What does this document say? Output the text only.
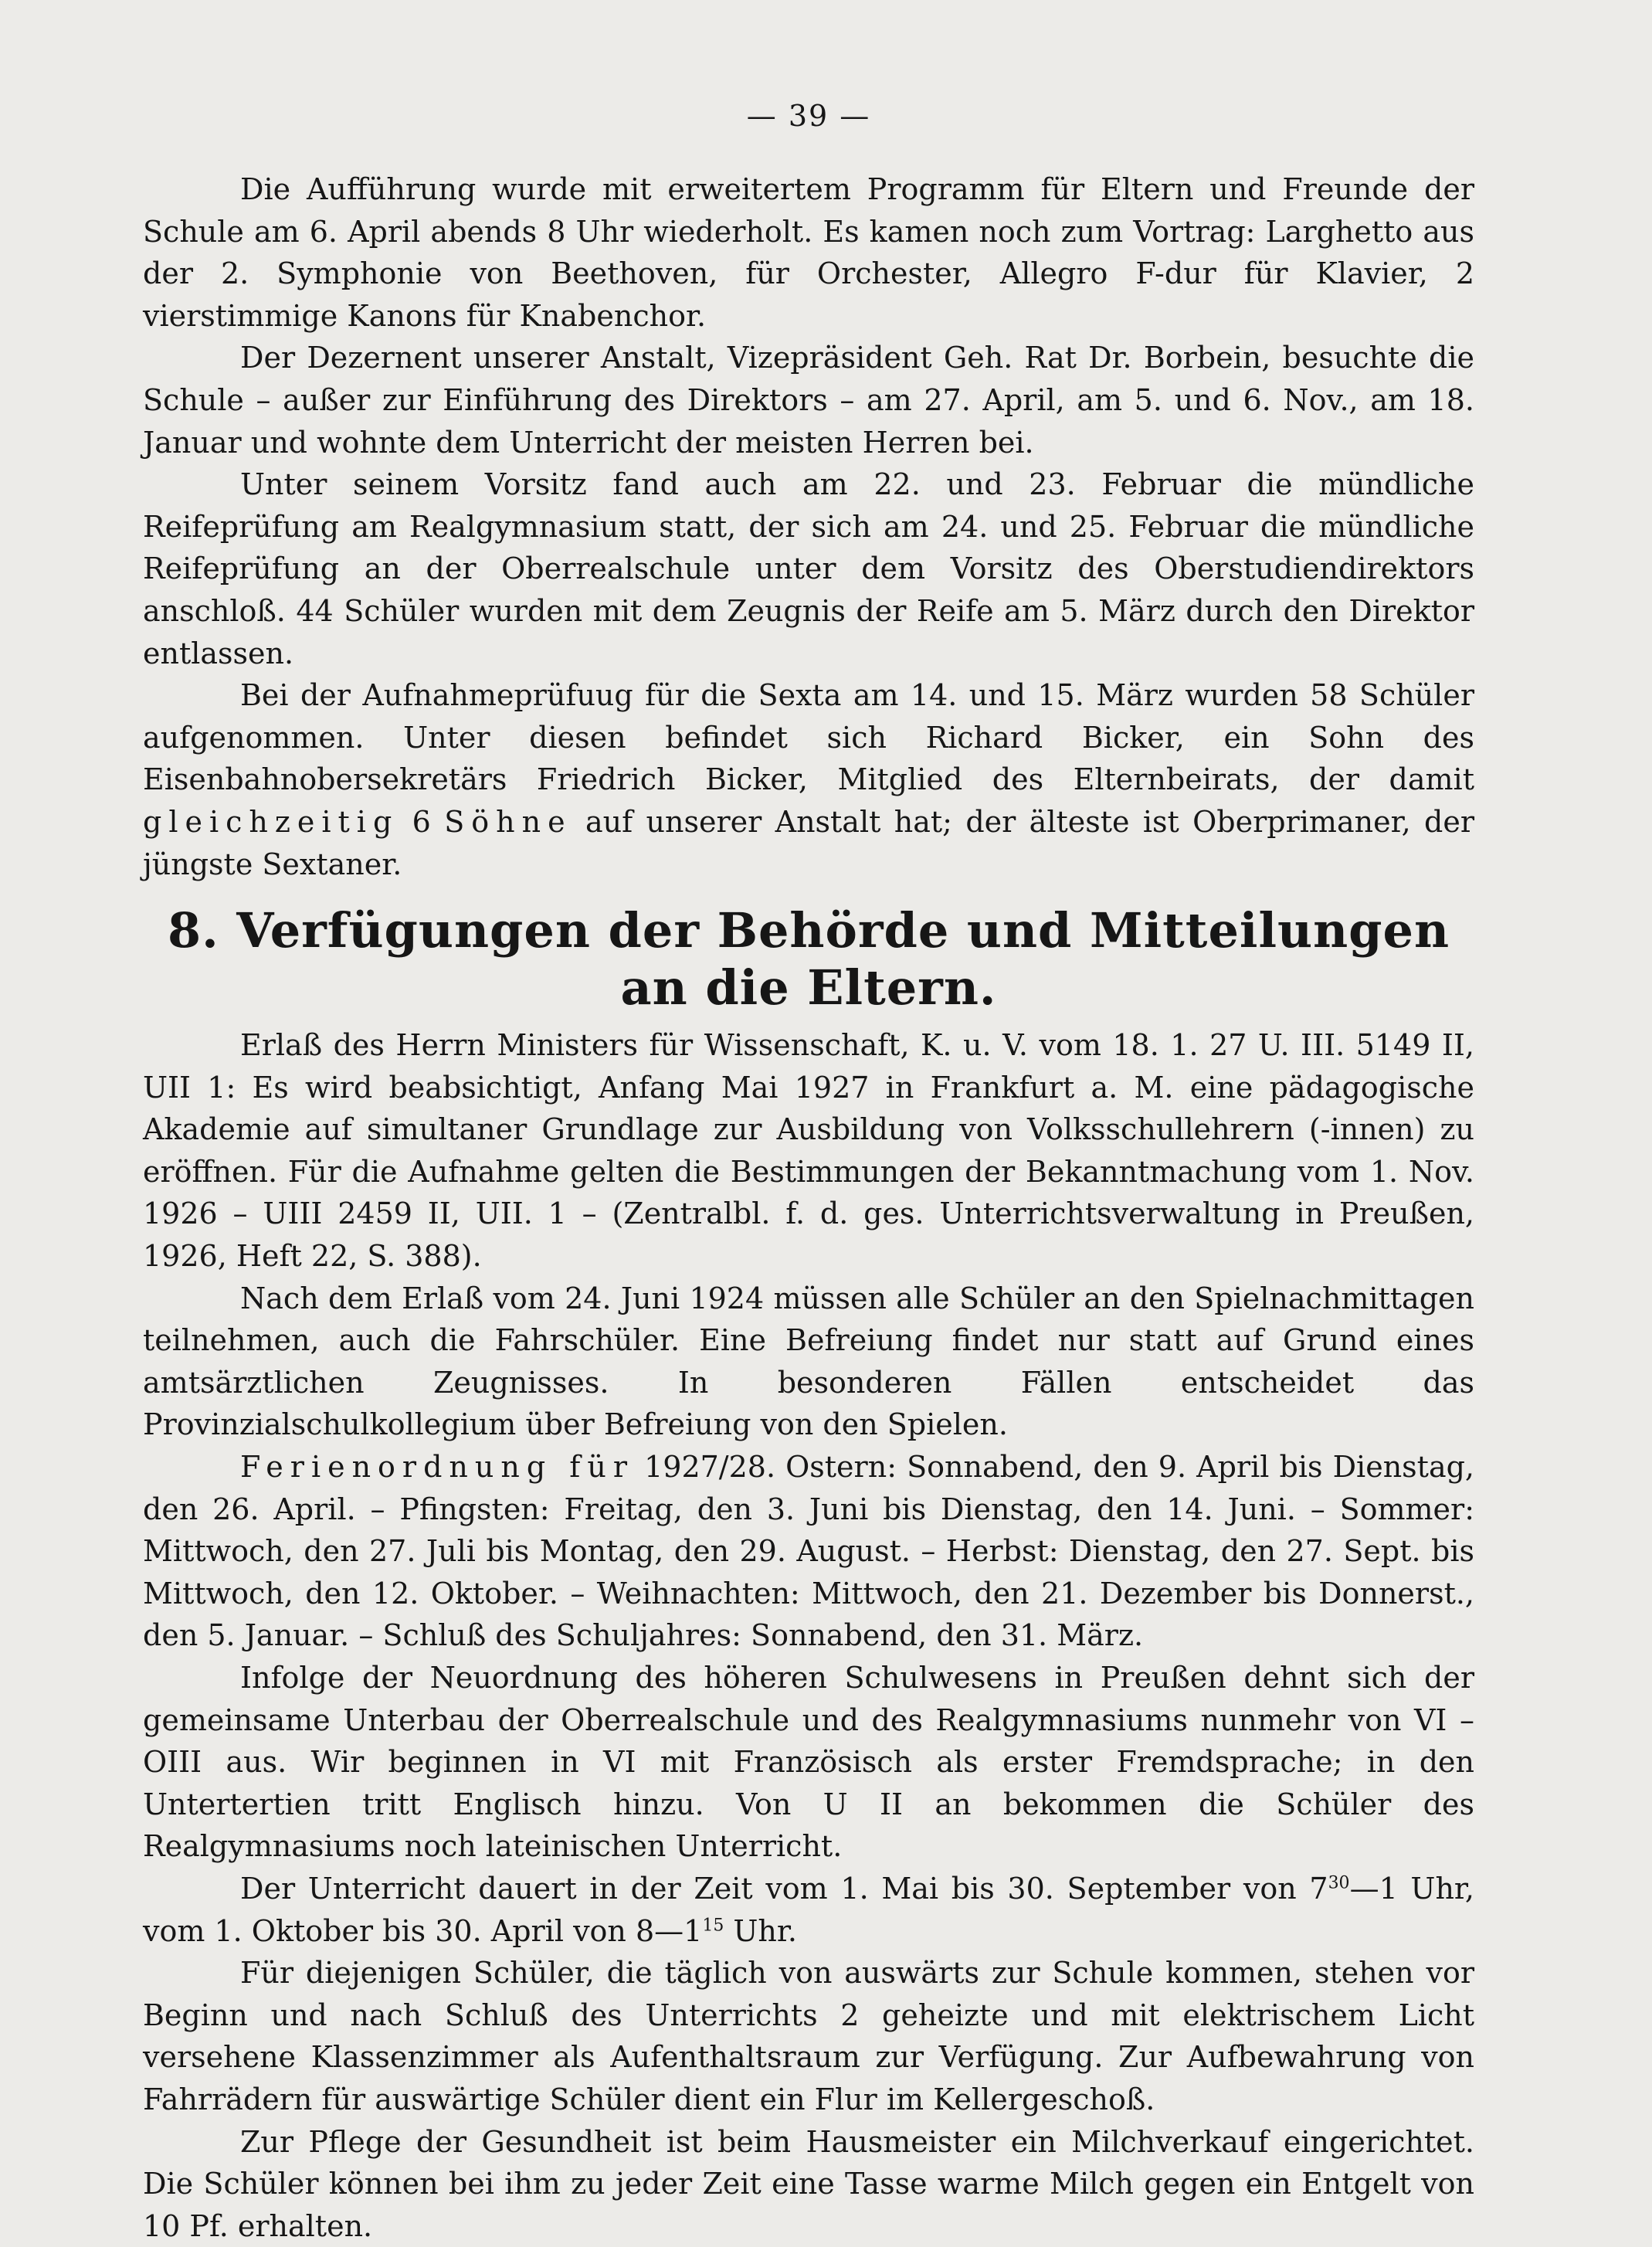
— 39 —

Die Aufführung wurde mit erweitertem Programm für Eltern und Freunde der Schule am 6. April abends 8 Uhr wiederholt. Es kamen noch zum Vortrag: Larghetto aus der 2. Symphonie von Beethoven, für Orchester, Allegro F-dur für Klavier, 2 vierstimmige Kanons für Knabenchor.

Der Dezernent unserer Anstalt, Vizepräsident Geh. Rat Dr. Borbein, besuchte die Schule – außer zur Einführung des Direktors – am 27. April, am 5. und 6. Nov., am 18. Januar und wohnte dem Unterricht der meisten Herren bei.

Unter seinem Vorsitz fand auch am 22. und 23. Februar die mündliche Reifeprüfung am Realgymnasium statt, der sich am 24. und 25. Februar die mündliche Reifeprüfung an der Oberrealschule unter dem Vorsitz des Oberstudiendirektors anschloß. 44 Schüler wurden mit dem Zeugnis der Reife am 5. März durch den Direktor entlassen.

Bei der Aufnahmeprüfuug für die Sexta am 14. und 15. März wurden 58 Schüler aufgenommen. Unter diesen befindet sich Richard Bicker, ein Sohn des Eisenbahnobersekretärs Friedrich Bicker, Mitglied des Elternbeirats, der damit gleichzeitig 6 Söhne auf unserer Anstalt hat; der älteste ist Oberprimaner, der jüngste Sextaner.

8. Verfügungen der Behörde und Mitteilungen
an die Eltern.

Erlaß des Herrn Ministers für Wissenschaft, K. u. V. vom 18. 1. 27 U. III. 5149 II, UII 1: Es wird beabsichtigt, Anfang Mai 1927 in Frankfurt a. M. eine pädagogische Akademie auf simultaner Grundlage zur Ausbildung von Volksschullehrern (-innen) zu eröffnen. Für die Aufnahme gelten die Bestimmungen der Bekanntmachung vom 1. Nov. 1926 – UIII 2459 II, UII. 1 – (Zentralbl. f. d. ges. Unterrichtsverwaltung in Preußen, 1926, Heft 22, S. 388).

Nach dem Erlaß vom 24. Juni 1924 müssen alle Schüler an den Spielnachmittagen teilnehmen, auch die Fahrschüler. Eine Befreiung findet nur statt auf Grund eines amtsärztlichen Zeugnisses. In besonderen Fällen entscheidet das Provinzialschulkollegium über Befreiung von den Spielen.

Ferienordnung für 1927/28. Ostern: Sonnabend, den 9. April bis Dienstag, den 26. April. – Pfingsten: Freitag, den 3. Juni bis Dienstag, den 14. Juni. – Sommer: Mittwoch, den 27. Juli bis Montag, den 29. August. – Herbst: Dienstag, den 27. Sept. bis Mittwoch, den 12. Oktober. – Weihnachten: Mittwoch, den 21. Dezember bis Donnerst., den 5. Januar. – Schluß des Schuljahres: Sonnabend, den 31. März.

Infolge der Neuordnung des höheren Schulwesens in Preußen dehnt sich der gemeinsame Unterbau der Oberrealschule und des Realgymnasiums nunmehr von VI – OIII aus. Wir beginnen in VI mit Französisch als erster Fremdsprache; in den Untertertien tritt Englisch hinzu. Von U II an bekommen die Schüler des Realgymnasiums noch lateinischen Unterricht.

Der Unterricht dauert in der Zeit vom 1. Mai bis 30. September von $7^{30}—1$ Uhr, vom 1. Oktober bis 30. April von $8—1^{15}$ Uhr.

Für diejenigen Schüler, die täglich von auswärts zur Schule kommen, stehen vor Beginn und nach Schluß des Unterrichts 2 geheizte und mit elektrischem Licht versehene Klassenzimmer als Aufenthaltsraum zur Verfügung. Zur Aufbewahrung von Fahrrädern für auswärtige Schüler dient ein Flur im Kellergeschoß.

Zur Pflege der Gesundheit ist beim Hausmeister ein Milchverkauf eingerichtet. Die Schüler können bei ihm zu jeder Zeit eine Tasse warme Milch gegen ein Entgelt von 10 Pf. erhalten.
